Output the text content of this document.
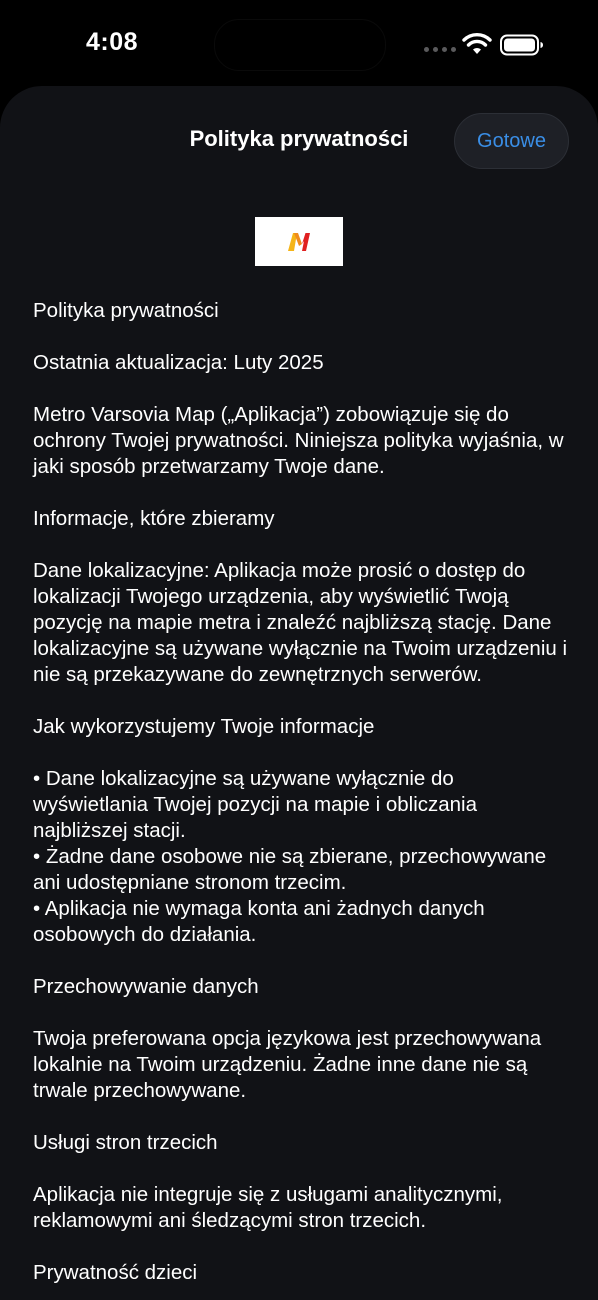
4:08
Polityka prywatności	Gotowe

Polityka prywatności

Ostatnia aktualizacja: Luty 2025

Metro Varsovia Map („Aplikacja”) zobowiązuje się do ochrony Twojej prywatności. Niniejsza polityka wyjaśnia, w jaki sposób przetwarzamy Twoje dane.

Informacje, które zbieramy

Dane lokalizacyjne: Aplikacja może prosić o dostęp do lokalizacji Twojego urządzenia, aby wyświetlić Twoją pozycję na mapie metra i znaleźć najbliższą stację. Dane lokalizacyjne są używane wyłącznie na Twoim urządzeniu i nie są przekazywane do zewnętrznych serwerów.

Jak wykorzystujemy Twoje informacje

• Dane lokalizacyjne są używane wyłącznie do wyświetlania Twojej pozycji na mapie i obliczania najbliższej stacji.
• Żadne dane osobowe nie są zbierane, przechowywane ani udostępniane stronom trzecim.
• Aplikacja nie wymaga konta ani żadnych danych osobowych do działania.

Przechowywanie danych

Twoja preferowana opcja językowa jest przechowywana lokalnie na Twoim urządzeniu. Żadne inne dane nie są trwale przechowywane.

Usługi stron trzecich

Aplikacja nie integruje się z usługami analitycznymi, reklamowymi ani śledzącymi stron trzecich.

Prywatność dzieci
